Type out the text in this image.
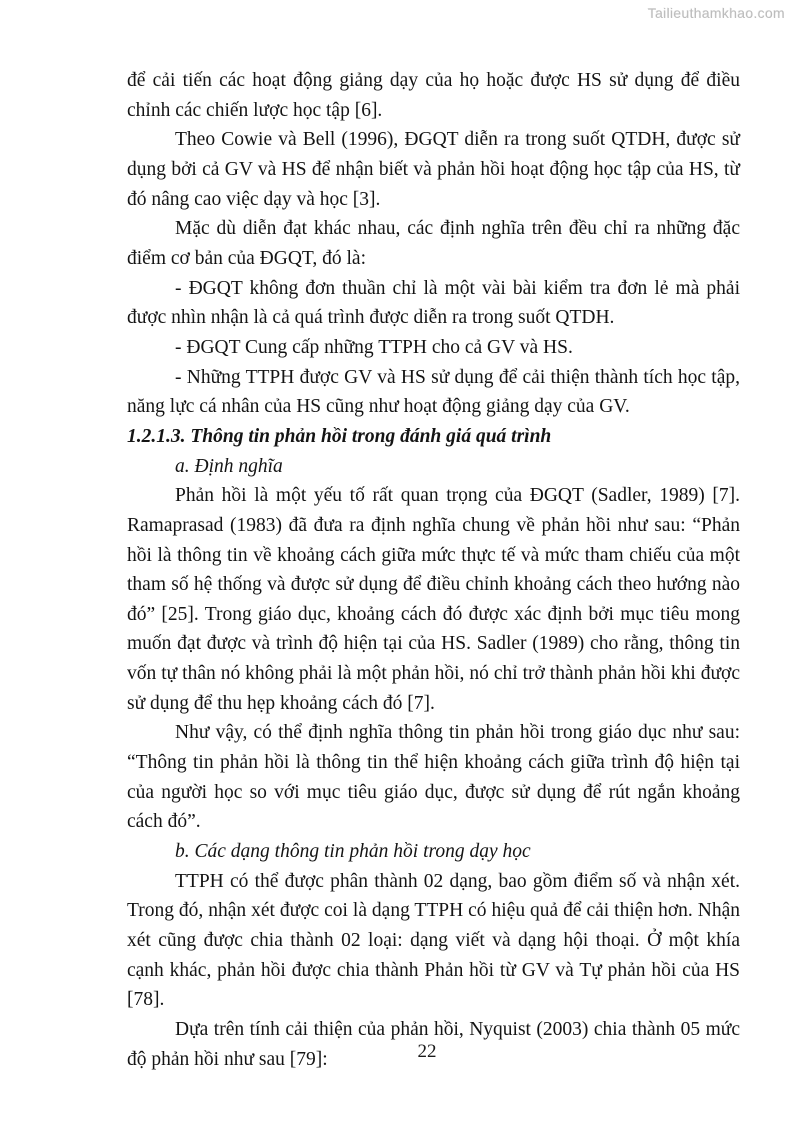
Tailieuthamkhao.com

để cải tiến các hoạt động giảng dạy của họ hoặc được HS sử dụng để điều chỉnh các chiến lược học tập [6].

Theo Cowie và Bell (1996), ĐGQT diễn ra trong suốt QTDH, được sử dụng bởi cả GV và HS để nhận biết và phản hồi hoạt động học tập của HS, từ đó nâng cao việc dạy và học [3].

Mặc dù diễn đạt khác nhau, các định nghĩa trên đều chỉ ra những đặc điểm cơ bản của ĐGQT, đó là:

- ĐGQT không đơn thuần chỉ là một vài bài kiểm tra đơn lẻ mà phải được nhìn nhận là cả quá trình được diễn ra trong suốt QTDH.

- ĐGQT Cung cấp những TTPH cho cả GV và HS.

- Những TTPH được GV và HS sử dụng để cải thiện thành tích học tập, năng lực cá nhân của HS cũng như hoạt động giảng dạy của GV.

1.2.1.3. Thông tin phản hồi trong đánh giá quá trình

a. Định nghĩa

Phản hồi là một yếu tố rất quan trọng của ĐGQT (Sadler, 1989) [7]. Ramaprasad (1983) đã đưa ra định nghĩa chung về phản hồi như sau: “Phản hồi là thông tin về khoảng cách giữa mức thực tế và mức tham chiếu của một tham số hệ thống và được sử dụng để điều chỉnh khoảng cách theo hướng nào đó” [25]. Trong giáo dục, khoảng cách đó được xác định bởi mục tiêu mong muốn đạt được và trình độ hiện tại của HS. Sadler (1989) cho rằng, thông tin vốn tự thân nó không phải là một phản hồi, nó chỉ trở thành phản hồi khi được sử dụng để thu hẹp khoảng cách đó [7].

Như vậy, có thể định nghĩa thông tin phản hồi trong giáo dục như sau: “Thông tin phản hồi là thông tin thể hiện khoảng cách giữa trình độ hiện tại của người học so với mục tiêu giáo dục, được sử dụng để rút ngắn khoảng cách đó”.

b. Các dạng thông tin phản hồi trong dạy học

TTPH có thể được phân thành 02 dạng, bao gồm điểm số và nhận xét. Trong đó, nhận xét được coi là dạng TTPH có hiệu quả để cải thiện hơn. Nhận xét cũng được chia thành 02 loại: dạng viết và dạng hội thoại. Ở một khía cạnh khác, phản hồi được chia thành Phản hồi từ GV và Tự phản hồi của HS [78].

Dựa trên tính cải thiện của phản hồi, Nyquist (2003) chia thành 05 mức độ phản hồi như sau [79]:	22
